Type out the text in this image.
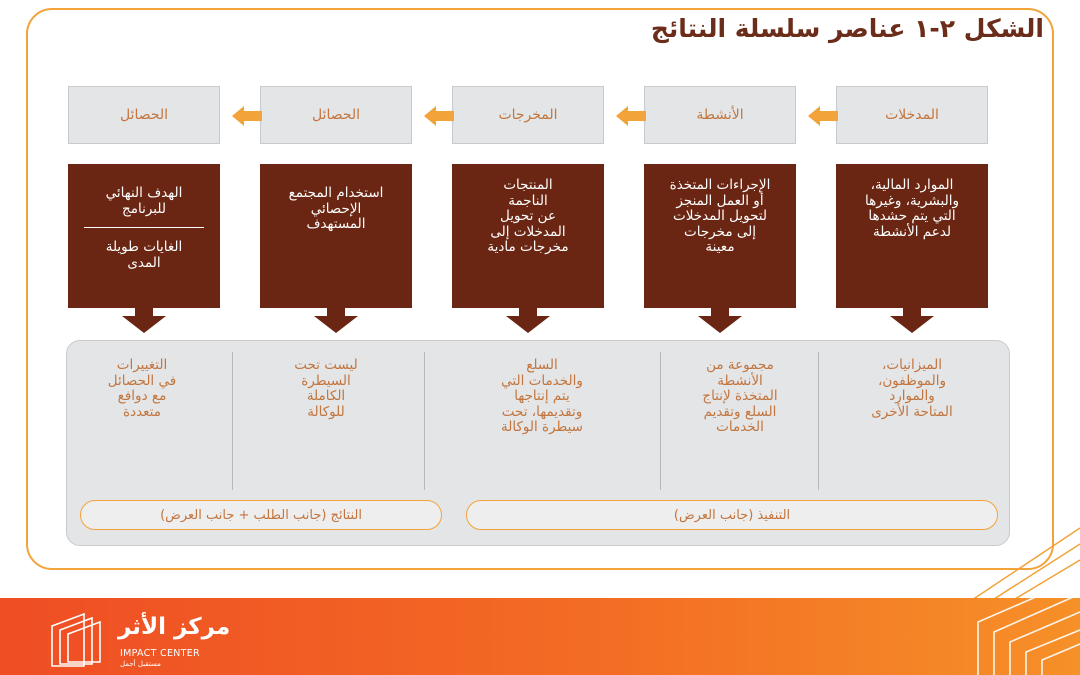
الشكل ٢-١ عناصر سلسلة النتائج
المدخلات
الأنشطة
المخرجات
الحصائل
الحصائل
الموارد المالية،
والبشرية، وغيرها
التي يتم حشدها
لدعم الأنشطة
الإجراءات المتخذة
أو العمل المنجز
لتحويل المدخلات
إلى مخرجات
معينة
المنتجات
الناجمة
عن تحويل
المدخلات إلى
مخرجات مادية
استخدام المجتمع
الإحصائي
المستهدف
الهدف النهائي
للبرنامج
الغايات طويلة
المدى
الميزانيات،
والموظفون،
والموارد
المتاحة الأخرى
مجموعة من
الأنشطة
المتخذة لإنتاج
السلع وتقديم
الخدمات
السلع
والخدمات التي
يتم إنتاجها
وتقديمها، تحت
سيطرة الوكالة
ليست تحت
السيطرة
الكاملة
للوكالة
التغييرات
في الحصائل
مع دوافع
متعددة
التنفيذ (جانب العرض)
النتائج (جانب الطلب + جانب العرض)
مركز الأثر
IMPACT CENTER
مستقبل أجمل
